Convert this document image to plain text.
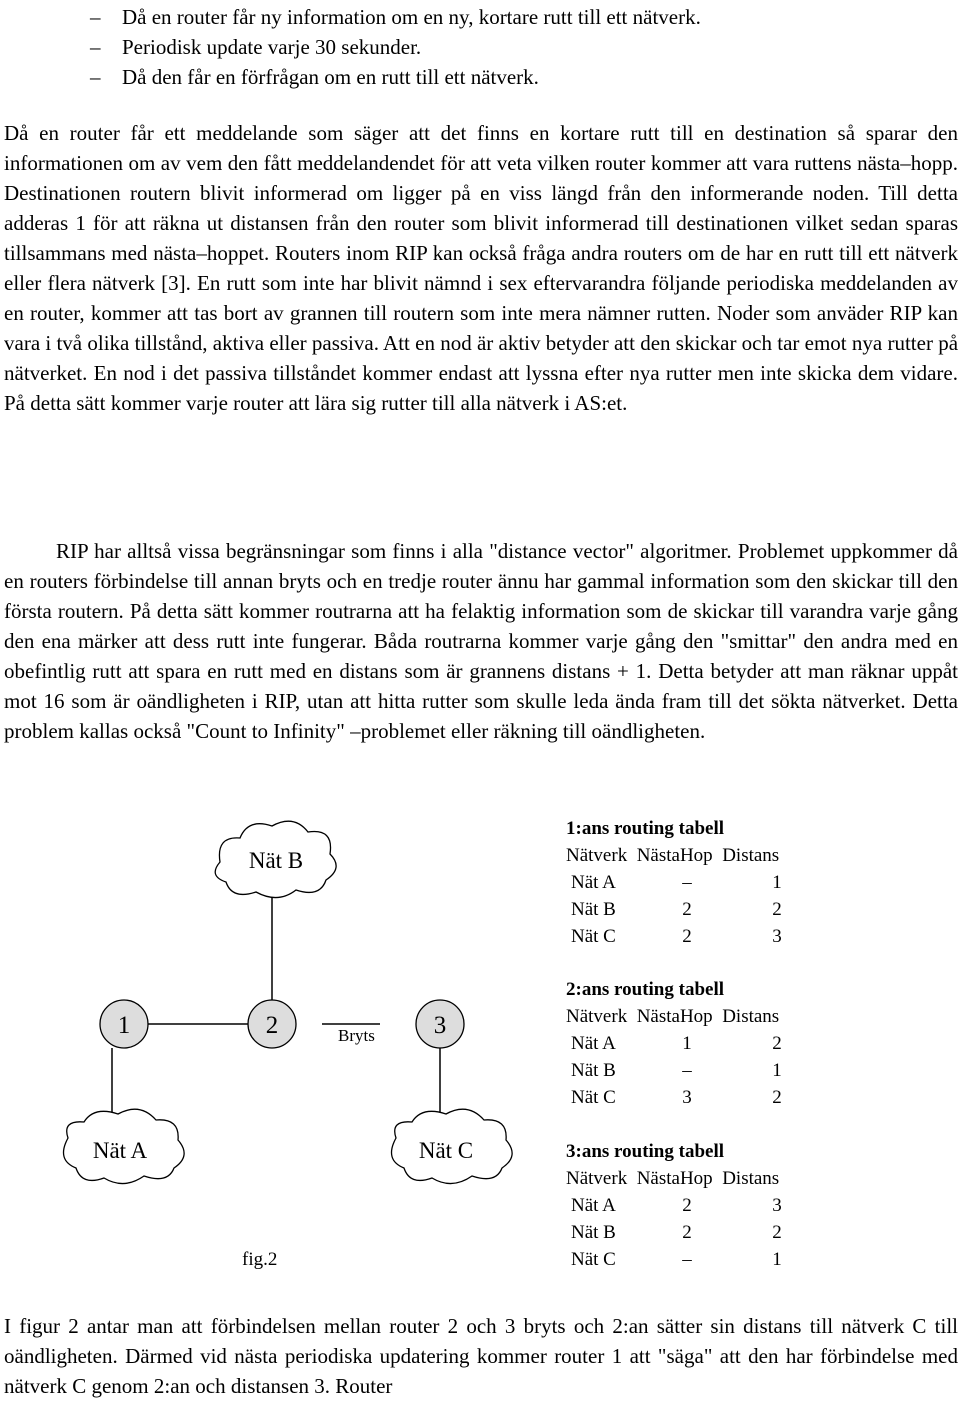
– Då en router får ny information om en ny, kortare rutt till ett nätverk.
– Periodisk update varje 30 sekunder.
– Då den får en förfrågan om en rutt till ett nätverk.

Då en router får ett meddelande som säger att det finns en kortare rutt till en destination så sparar den informationen om av vem den fått meddelandendet för att veta vilken router kommer att vara ruttens nästa–hopp. Destinationen routern blivit informerad om ligger på en viss längd från den informerande noden. Till detta adderas 1 för att räkna ut distansen från den router som blivit informerad till destinationen vilket sedan sparas tillsammans med nästa–hoppet. Routers inom RIP kan också fråga andra routers om de har en rutt till ett nätverk eller flera nätverk [3]. En rutt som inte har blivit nämnd i sex eftervarandra följande periodiska meddelanden av en router, kommer att tas bort av grannen till routern som inte mera nämner rutten. Noder som anväder RIP kan vara i två olika tillstånd, aktiva eller passiva. Att en nod är aktiv betyder att den skickar och tar emot nya rutter på nätverket. En nod i det passiva tillståndet kommer endast att lyssna efter nya rutter men inte skicka dem vidare. På detta sätt kommer varje router att lära sig rutter till alla nätverk i AS:et.

RIP har alltså vissa begränsningar som finns i alla "distance vector" algoritmer. Problemet uppkommer då en routers förbindelse till annan bryts och en tredje router ännu har gammal information som den skickar till den första routern. På detta sätt kommer routrarna att ha felaktig information som de skickar till varandra varje gång den ena märker att dess rutt inte fungerar. Båda routrarna kommer varje gång den "smittar" den andra med en obefintlig rutt att spara en rutt med en distans som är grannens distans + 1. Detta betyder att man räknar uppåt mot 16 som är oändligheten i RIP, utan att hitta rutter som skulle leda ända fram till det sökta nätverket. Detta problem kallas också "Count to Infinity" –problemet eller räkning till oändligheten.

Nät B
Nät A	Nät C
1	2	3
Bryts
fig.2
1:ans routing tabell
Nätverk NästaHop Distans
Nät A	–	1
Nät B	2	2
Nät C	2	3
2:ans routing tabell
Nätverk NästaHop Distans
Nät A	1	2
Nät B	–	1
Nät C	3	2
3:ans routing tabell
Nätverk NästaHop Distans
Nät A	2	3
Nät B	2	2
Nät C	–	1

I figur 2 antar man att förbindelsen mellan router 2 och 3 bryts och 2:an sätter sin distans till nätverk C till oändligheten. Därmed vid nästa periodiska updatering kommer router 1 att "säga" att den har förbindelse med nätverk C genom 2:an och distansen 3. Router
